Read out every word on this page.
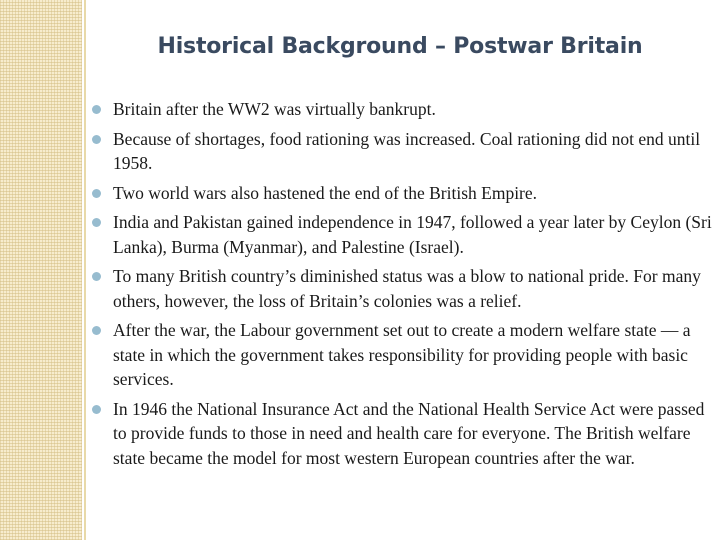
Historical Background – Postwar Britain
Britain after the WW2 was virtually bankrupt.
Because of shortages, food rationing was increased. Coal rationing did not end until 1958.
Two world wars also hastened the end of the British Empire.
India and Pakistan gained independence in 1947, followed a year later by Ceylon (Sri Lanka), Burma (Myanmar), and Palestine (Israel).
To many British country’s diminished status was a blow to national pride. For many others, however, the loss of Britain’s colonies was a relief.
After the war, the Labour government set out to create a modern welfare state — a state in which the government takes responsibility for providing people with basic services.
In 1946 the National Insurance Act and the National Health Service Act were passed to provide funds to those in need and health care for everyone. The British welfare state became the model for most western European countries after the war.
